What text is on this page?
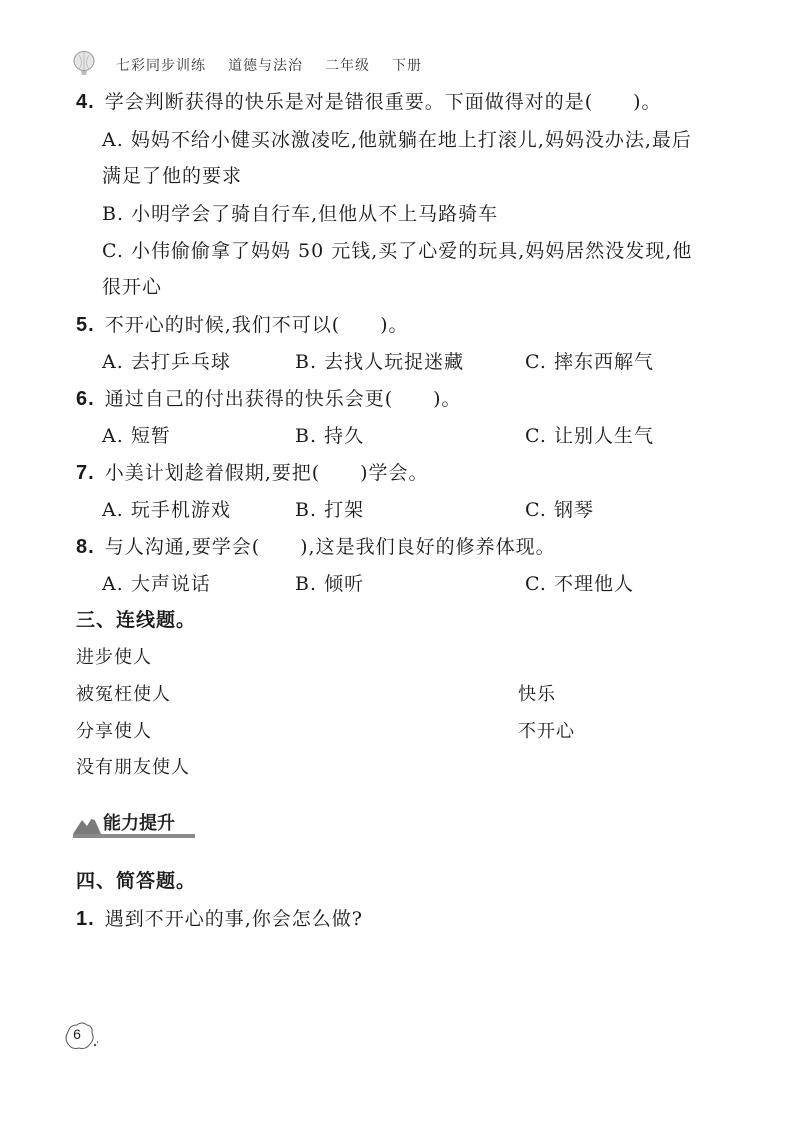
七彩同步训练 道德与法治 二年级 下册
4. 学会判断获得的快乐是对是错很重要。下面做得对的是(　　)。
A. 妈妈不给小健买冰激凌吃,他就躺在地上打滚儿,妈妈没办法,最后
满足了他的要求
B. 小明学会了骑自行车,但他从不上马路骑车
C. 小伟偷偷拿了妈妈 50 元钱,买了心爱的玩具,妈妈居然没发现,他
很开心
5. 不开心的时候,我们不可以(　　)。
A. 去打乒乓球	B. 去找人玩捉迷藏	C. 摔东西解气
6. 通过自己的付出获得的快乐会更(　　)。
A. 短暂	B. 持久	C. 让别人生气
7. 小美计划趁着假期,要把(　　)学会。
A. 玩手机游戏	B. 打架	C. 钢琴
8. 与人沟通,要学会(　　),这是我们良好的修养体现。
A. 大声说话	B. 倾听	C. 不理他人
三、连线题。
进步使人
被冤枉使人
分享使人
没有朋友使人
快乐
不开心
能力提升
四、简答题。
1. 遇到不开心的事,你会怎么做?
6
